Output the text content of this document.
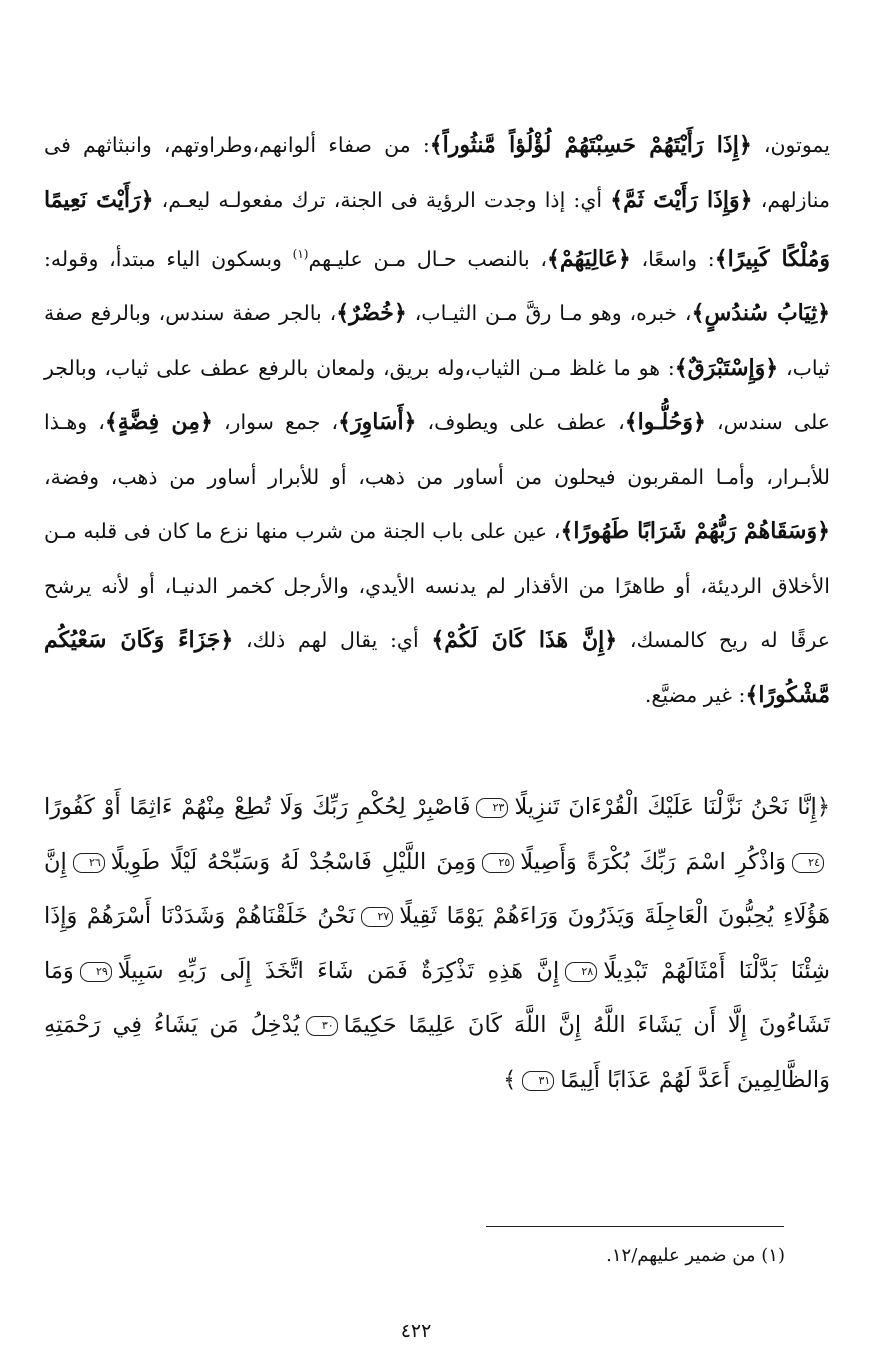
يموتون، ﴿إِذَا رَأَيْتَهُمْ حَسِبْتَهُمْ لُؤْلُؤاً مَّنثُوراً﴾: من صفاء ألوانهم،وطراوتهم، وانبثاثهم فى منازلهم، ﴿وَإِذَا رَأَيْتَ ثَمَّ﴾ أي: إذا وجدت الرؤية فى الجنة، ترك مفعولـه ليعـم، ﴿رَأَيْتَ نَعِيمًا وَمُلْكًا كَبِيرًا﴾: واسعًا، ﴿عَالِيَهُمْ﴾، بالنصب حـال مـن عليـهم$^{(١)}$ وبسكون الياء مبتدأ، وقوله: ﴿ثِيَابُ سُندُسٍ﴾، خبره، وهو مـا رقَّ مـن الثيـاب، ﴿خُضْرٌ﴾، بالجر صفة سندس، وبالرفع صفة ثياب، ﴿وَإِسْتَبْرَقٌ﴾: هو ما غلظ مـن الثياب،وله بريق، ولمعان بالرفع عطف على ثياب، وبالجر على سندس، ﴿وَحُلُّـوا﴾، عطف على ويطوف، ﴿أَسَاوِرَ﴾، جمع سوار، ﴿مِن فِضَّةٍ﴾، وهـذا للأبـرار، وأمـا المقربون فيحلون من أساور من ذهب، أو للأبرار أساور من ذهب، وفضة، ﴿وَسَقَاهُمْ رَبُّهُمْ شَرَابًا طَهُورًا﴾، عين على باب الجنة من شرب منها نزع ما كان فى قلبه مـن الأخلاق الرديئة، أو طاهرًا من الأقذار لم يدنسه الأيدي، والأرجل كخمر الدنيـا، أو لأنه يرشح عرقًا له ريح كالمسك، ﴿إِنَّ هَذَا كَانَ لَكُمْ﴾ أي: يقال لهم ذلك، ﴿جَزَاءً وَكَانَ سَعْيُكُم مَّشْكُورًا﴾: غير مضيَّع.
﴿إِنَّا نَحْنُ نَزَّلْنَا عَلَيْكَ الْقُرْءَانَ تَنزِيلًا٢٣فَاصْبِرْ لِحُكْمِ رَبِّكَ وَلَا تُطِعْ مِنْهُمْ ءَاثِمًا أَوْ كَفُورًا٢٤وَاذْكُرِ اسْمَ رَبِّكَ بُكْرَةً وَأَصِيلًا٢٥وَمِنَ اللَّيْلِ فَاسْجُدْ لَهُ وَسَبِّحْهُ لَيْلًا طَوِيلًا٢٦إِنَّ هَؤُلَاءِ يُحِبُّونَ الْعَاجِلَةَ وَيَذَرُونَ وَرَاءَهُمْ يَوْمًا ثَقِيلًا٢٧نَحْنُ خَلَقْنَاهُمْ وَشَدَدْنَا أَسْرَهُمْ وَإِذَا شِئْنَا بَدَّلْنَا أَمْثَالَهُمْ تَبْدِيلًا٢٨إِنَّ هَذِهِ تَذْكِرَةٌ فَمَن شَاءَ اتَّخَذَ إِلَى رَبِّهِ سَبِيلًا٢٩وَمَا تَشَاءُونَ إِلَّا أَن يَشَاءَ اللَّهُ إِنَّ اللَّهَ كَانَ عَلِيمًا حَكِيمًا٣٠يُدْخِلُ مَن يَشَاءُ فِي رَحْمَتِهِ وَالظَّالِمِينَ أَعَدَّ لَهُمْ عَذَابًا أَلِيمًا٣١﴾
(١) من ضمير عليهم/١٢.
٤٢٢
